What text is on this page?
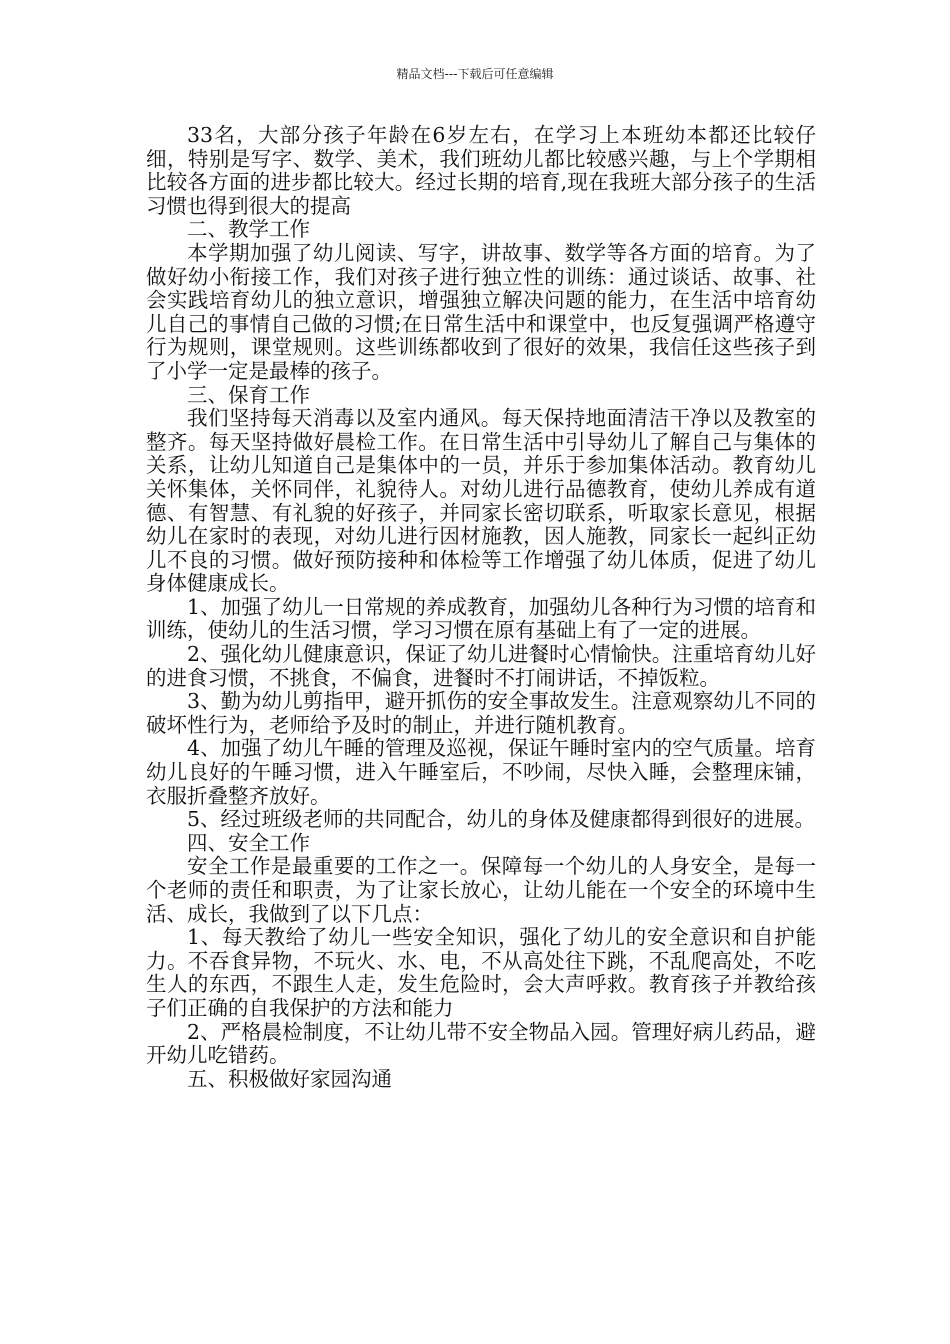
精品文档---下载后可任意编辑

33名，大部分孩子年龄在6岁左右，在学习上本班幼本都还比较仔细，特别是写字、数学、美术，我们班幼儿都比较感兴趣，与上个学期相比较各方面的进步都比较大。经过长期的培育,现在我班大部分孩子的生活习惯也得到很大的提高

二、教学工作

本学期加强了幼儿阅读、写字，讲故事、数学等各方面的培育。为了做好幼小衔接工作，我们对孩子进行独立性的训练：通过谈话、故事、社会实践培育幼儿的独立意识，增强独立解决问题的能力，在生活中培育幼儿自己的事情自己做的习惯;在日常生活中和课堂中，也反复强调严格遵守行为规则，课堂规则。这些训练都收到了很好的效果，我信任这些孩子到了小学一定是最棒的孩子。

三、保育工作

我们坚持每天消毒以及室内通风。每天保持地面清洁干净以及教室的整齐。每天坚持做好晨检工作。在日常生活中引导幼儿了解自己与集体的关系，让幼儿知道自己是集体中的一员，并乐于参加集体活动。教育幼儿关怀集体，关怀同伴，礼貌待人。对幼儿进行品德教育，使幼儿养成有道德、有智慧、有礼貌的好孩子，并同家长密切联系，听取家长意见，根据幼儿在家时的表现，对幼儿进行因材施教，因人施教，同家长一起纠正幼儿不良的习惯。做好预防接种和体检等工作增强了幼儿体质，促进了幼儿身体健康成长。

1、加强了幼儿一日常规的养成教育，加强幼儿各种行为习惯的培育和训练，使幼儿的生活习惯，学习习惯在原有基础上有了一定的进展。

2、强化幼儿健康意识，保证了幼儿进餐时心情愉快。注重培育幼儿好的进食习惯，不挑食，不偏食，进餐时不打闹讲话，不掉饭粒。

3、勤为幼儿剪指甲，避开抓伤的安全事故发生。注意观察幼儿不同的破坏性行为，老师给予及时的制止，并进行随机教育。

4、加强了幼儿午睡的管理及巡视，保证午睡时室内的空气质量。培育幼儿良好的午睡习惯，进入午睡室后，不吵闹，尽快入睡，会整理床铺，衣服折叠整齐放好。

5、经过班级老师的共同配合，幼儿的身体及健康都得到很好的进展。

四、安全工作

安全工作是最重要的工作之一。保障每一个幼儿的人身安全，是每一个老师的责任和职责，为了让家长放心，让幼儿能在一个安全的环境中生活、成长，我做到了以下几点：

1、每天教给了幼儿一些安全知识，强化了幼儿的安全意识和自护能力。不吞食异物，不玩火、水、电，不从高处往下跳，不乱爬高处，不吃生人的东西，不跟生人走，发生危险时，会大声呼救。教育孩子并教给孩子们正确的自我保护的方法和能力

2、严格晨检制度，不让幼儿带不安全物品入园。管理好病儿药品，避开幼儿吃错药。

五、积极做好家园沟通
